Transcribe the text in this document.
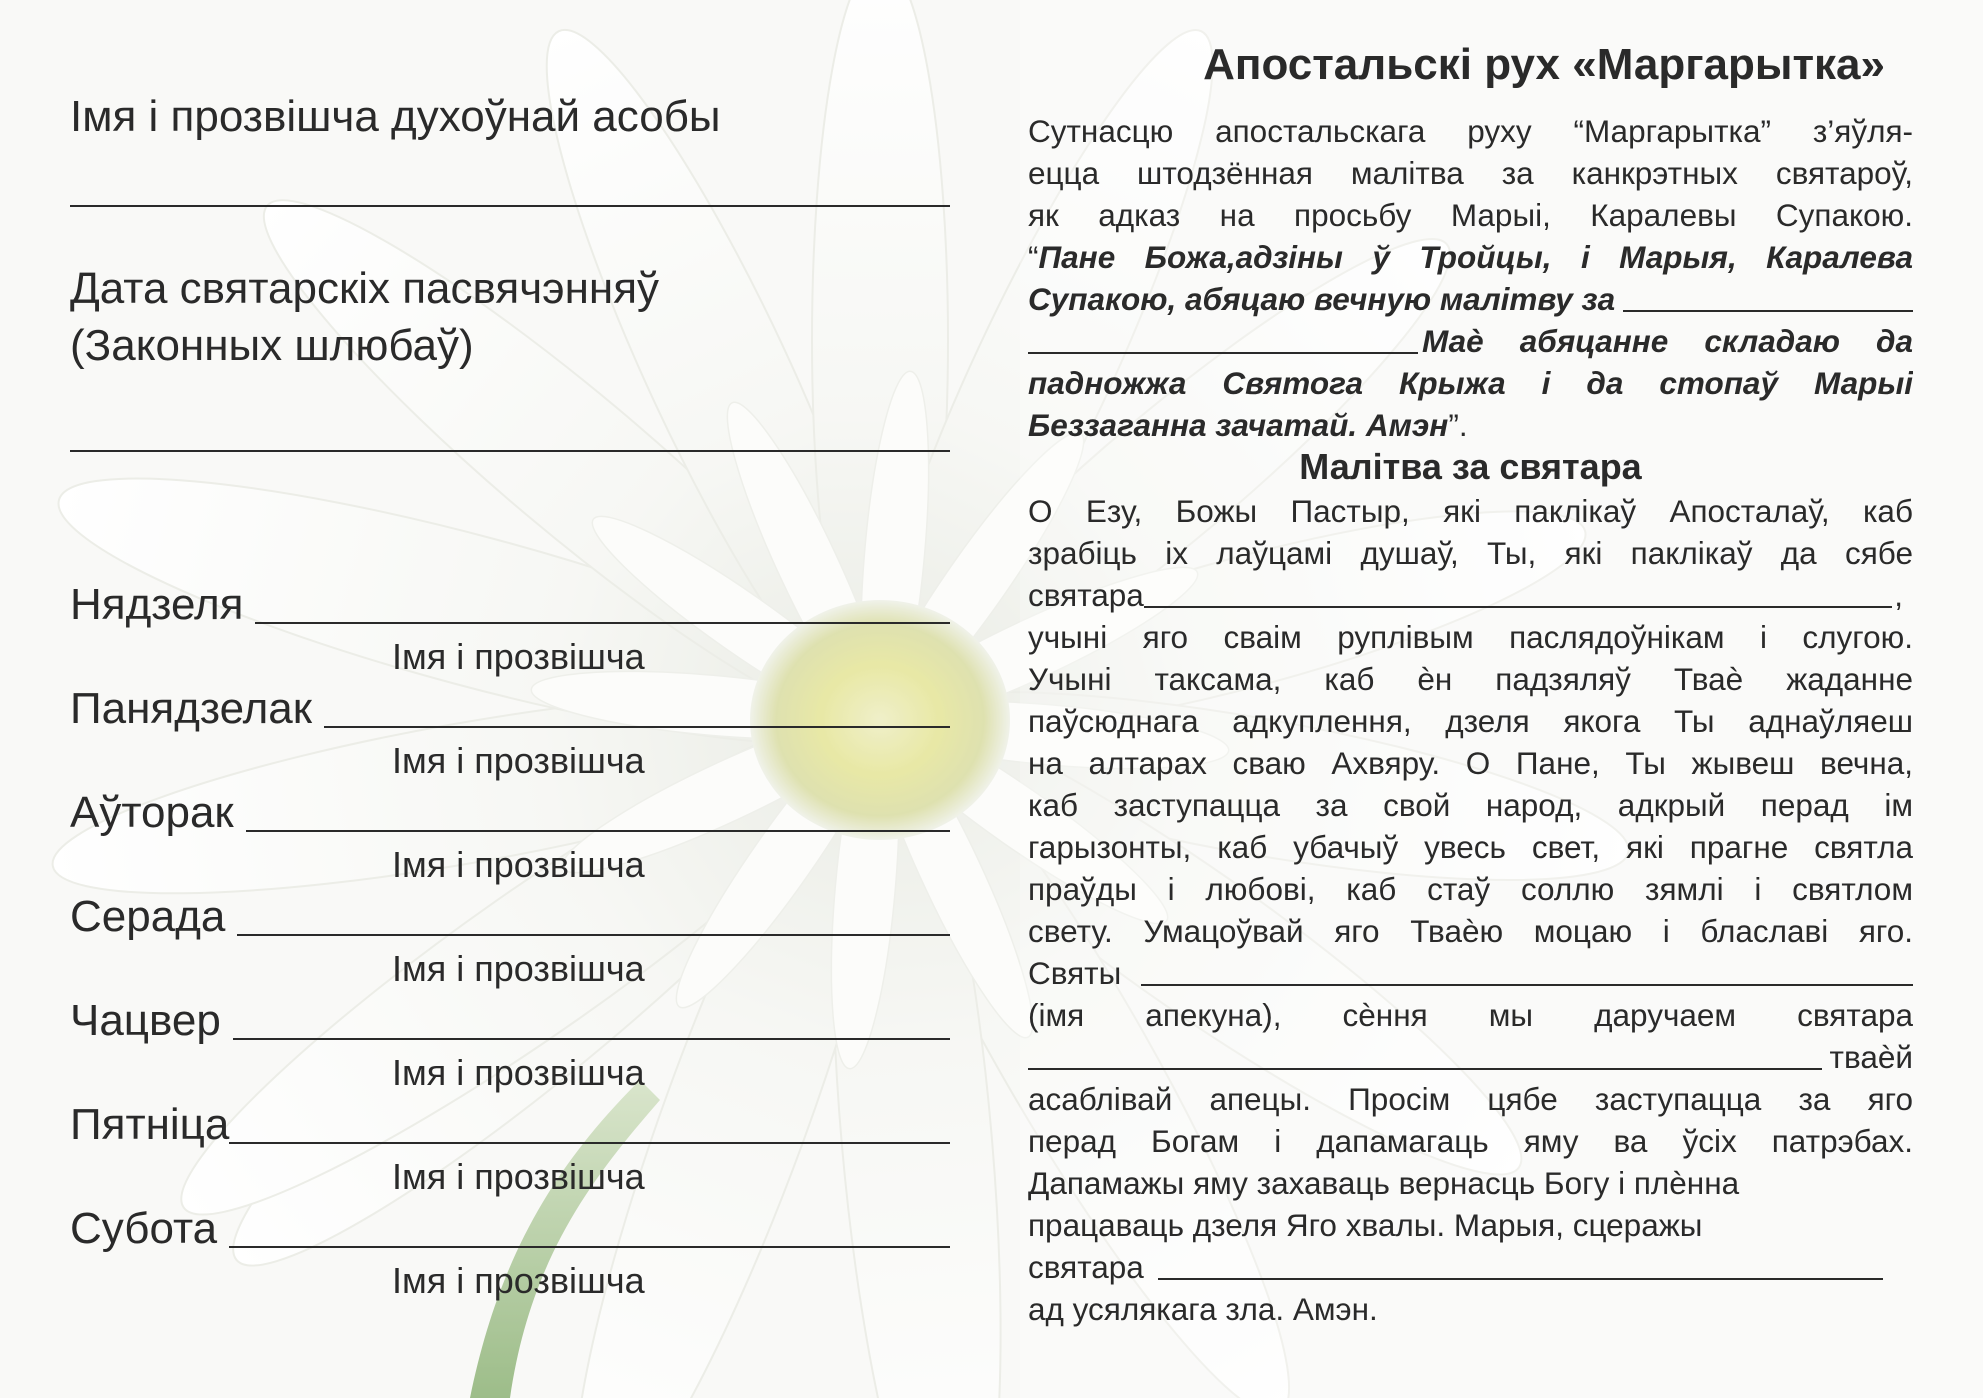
Імя і прозвішча духоўнай асобы
Дата святарскіх пасвячэнняў
(Законных шлюбаў)
Нядзеля
Імя і прозвішча
Панядзелак
Імя і прозвішча
Аўторак
Імя і прозвішча
Серада
Імя і прозвішча
Чацвер
Імя і прозвішча
Пятніца
Імя і прозвішча
Субота
Імя і прозвішча
Апостальскі рух «Маргарытка»
Сутнасцю апостальскага руху “Маргарытка” з’яўля-
ецца штодзённая малітва за канкрэтных святароў,
як адказ на просьбу Марыі, Каралевы Супакою.
“Пане Божа,адзіны ў Тройцы, і Марыя, Каралева
Супакою, абяцаю вечную малітву за
Маѐ абяцанне складаю да
падножжа Святога Крыжа і да стопаў Марыі
Беззаганна зачатай. Амэн”.
Малітва за святара
О Езу, Божы Пастыр, які паклікаў Апосталаў, каб
зрабіць іх лаўцамі душаў, Ты, які паклікаў да сябе
святара	,
учыні яго сваім руплівым паслядоўнікам і слугою.
Учыні таксама, каб ѐн падзяляў Тваѐ жаданне
паўсюднага адкуплення, дзеля якога Ты аднаўляеш
на алтарах сваю Ахвяру. О Пане, Ты жывеш вечна,
каб заступацца за свой народ, адкрый перад ім
гарызонты, каб убачыў увесь свет, які прагне святла
праўды і любові, каб стаў соллю зямлі і святлом
свету. Умацоўвай яго Тваѐю моцаю і блаславі яго.
Святы
(імя апекуна), сѐння мы даручаем святара
тваѐй
асаблівай апецы. Просім цябе заступацца за яго
перад Богам і дапамагаць яму ва ўсіх патрэбах.
Дапамажы яму захаваць вернасць Богу і плѐнна
працаваць дзеля Яго хвалы. Марыя, сцеражы
святара
ад усялякага зла. Амэн.
